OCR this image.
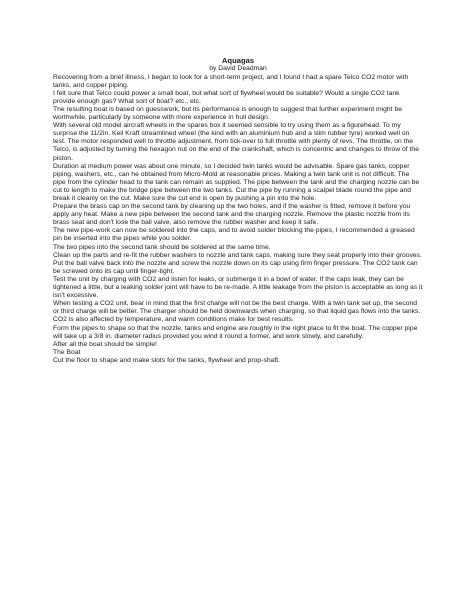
Aquagas

by David Deadman

Recovering from a brief illness, I began to look for a short-term project, and I found I had a spare Telco CO2 motor with tanks, and copper piping.

I felt sure that Telco could power a small boat, but what sort of flywheel would be suitable? Would a single CO2 tank provide enough gas? What sort of boat? etc., etc.

The resulting boat is based on guesswork, but its performance is enough to suggest that further experiment might be worthwhile, particularly by someone with more experience in hull design.

With several old model aircraft wheels in the spares box it seemed sensible to try using them as a figurehead. To my surprise the 11/2in. Keil Kraft streamlined wheel (the kind with an aluminium hub and a slim rubber tyre) worked well on test. The motor responded well to throttle adjustment, from tick-over to full throttle with plenty of revs. The throttle, on the Telco, is adjusted by turning the hexagon nut on the end of the crankshaft, which is concentric and changes to throw of the piston.

Duration at medium power was about one minute, so I decided twin tanks would be advisable. Spare gas tanks, copper piping, washers, etc., can he obtained from Micro-Mold at reasonable prices. Making a twin tank unit is not difficult. The pipe from the cylinder head to the tank can remain as supplied. The pipe between the tank and the charging nozzle can be cut to length to make the bridge pipe between the two tanks. Cut the pipe by running a scalpel blade round the pipe and break it cleanly on the cut. Make sure the cut end is open by pushing a pin into the hole.

Prepare the brass cap on the second tank by cleaning up the two holes, and if the washer is fitted, remove it before you apply any heat. Make a new pipe between the second tank and the charging nozzle. Remove the plastic nozzle from its brass seat and don't lose the ball valve, also remove the rubber washer and keep it safe.

The new pipe-work can now be soldered into the caps, and to avoid solder blocking the pipes, I recommended a greased pin be inserted into the pipes while you solder.

The two pipes into the second tank should be soldered at the same time.

Clean up the parts and re-fit the rubber washers to nozzle and tank caps, making sure they seat properly into their grooves. Put the ball valve back into the nozzle and screw the nozzle down on its cap using firm finger pressure. The CO2 tank can be screwed onto its cap until finger-tight.

Test the unit by charging with CO2 and listen for leaks, or submerge it in a bowl of water. If the caps leak, they can be tightened a little, but a leaking solder joint will have to be re-made. A little leakage from the piston is acceptable as long as it isn't excessive.

When testing a CO2 unit, bear in mind that the first charge will not be the best charge. With a twin tank set up, the second or third charge will be better. The charger should be held downwards when charging, so that liquid gas flows into the tanks. CO2 is also affected by temperature, and warm conditions make for best results.

Form the pipes to shape so that the nozzle, tanks and engine are roughly in the right place to fit the boat. The copper pipe will take up a 3/8 in. diameter radius provided you wind it round a former, and work slowly, and carefully.

After all the boat should be simple!

The Boat

Cut the floor to shape and make slots for the tanks, flywheel and prop-shaft.
